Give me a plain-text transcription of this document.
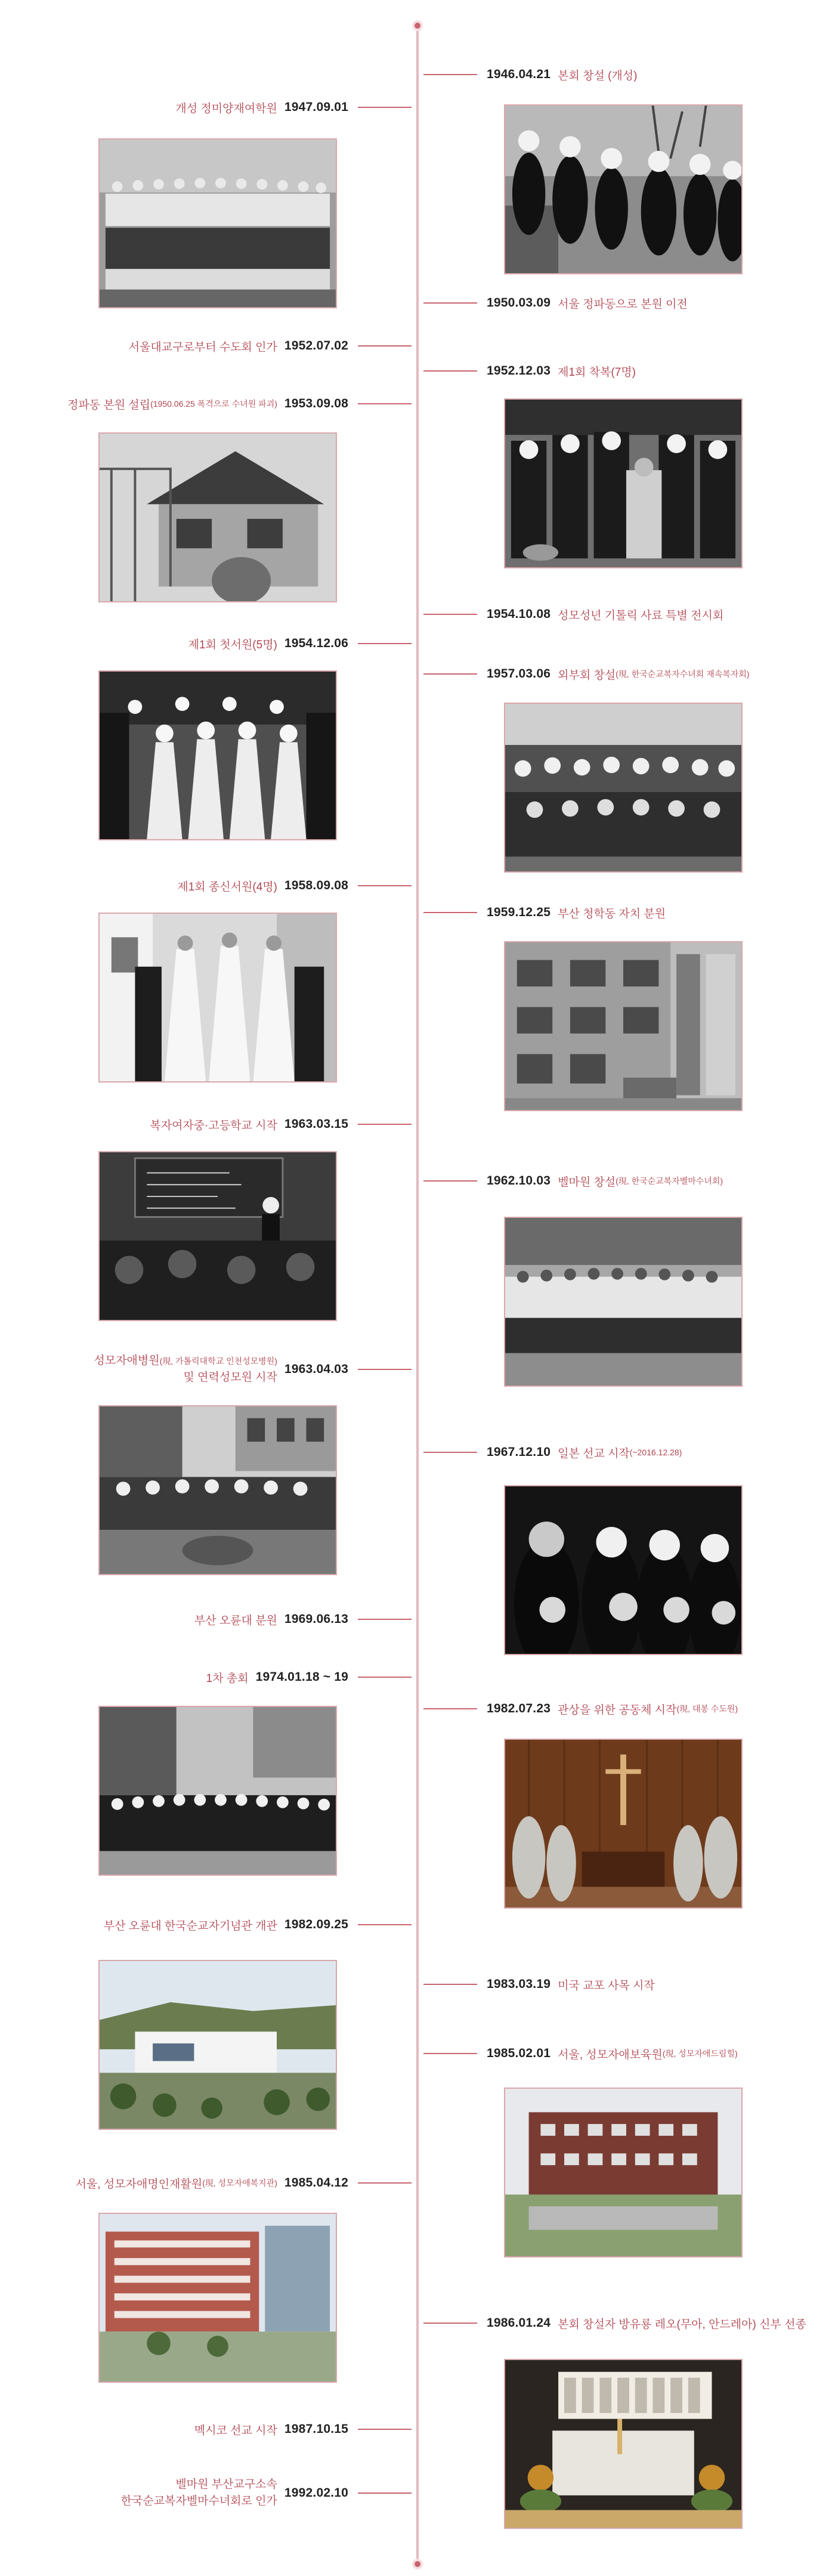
1946.04.21 본회 창설 (개성)
1950.03.09 서울 정파동으로 본원 이전
1952.12.03 제1회 착복(7명)
1954.10.08 성모성년 기톨릭 사료 특별 전시회
1957.03.06 외부회 창설 (現, 한국순교복자수녀회 재속복자회)
1959.12.25 부산 청학동 자치 분원
1962.10.03 벨마원 창설 (現, 한국순교복자벨마수녀회)
1967.12.10 일본 선교 시작 (~2016.12.28)
1982.07.23 관상을 위한 공동체 시작 (現, 대봉 수도원)
1983.03.19 미국 교포 사목 시작
1985.02.01 서울, 성모자애보육원 (現, 성모자애드림힐)
1986.01.24 본회 창설자 방유룡 레오(무아, 안드레아) 신부 선종
개성 정미양재여학원 1947.09.01
서울대교구로부터 수도회 인가 1952.07.02
정파동 본원 설립 (1950.06.25 폭격으로 수녀원 파괴) 1953.09.08
제1회 첫서원(5명) 1954.12.06
제1회 종신서원(4명) 1958.09.08
복자여자중·고등학교 시작 1963.03.15
성모자애병원(現, 가톨릭대학교 인천성모병원)
및 연력성모원 시작
1963.04.03
부산 오륜대 분원 1969.06.13
1차 총회 1974.01.18 ~ 19
부산 오륜대 한국순교자기념관 개관 1982.09.25
서울, 성모자애명인재활원 (現, 성모자애복지관) 1985.04.12
멕시코 선교 시작 1987.10.15
벨마원 부산교구소속
한국순교복자벨마수녀회로 인가
1992.02.10
